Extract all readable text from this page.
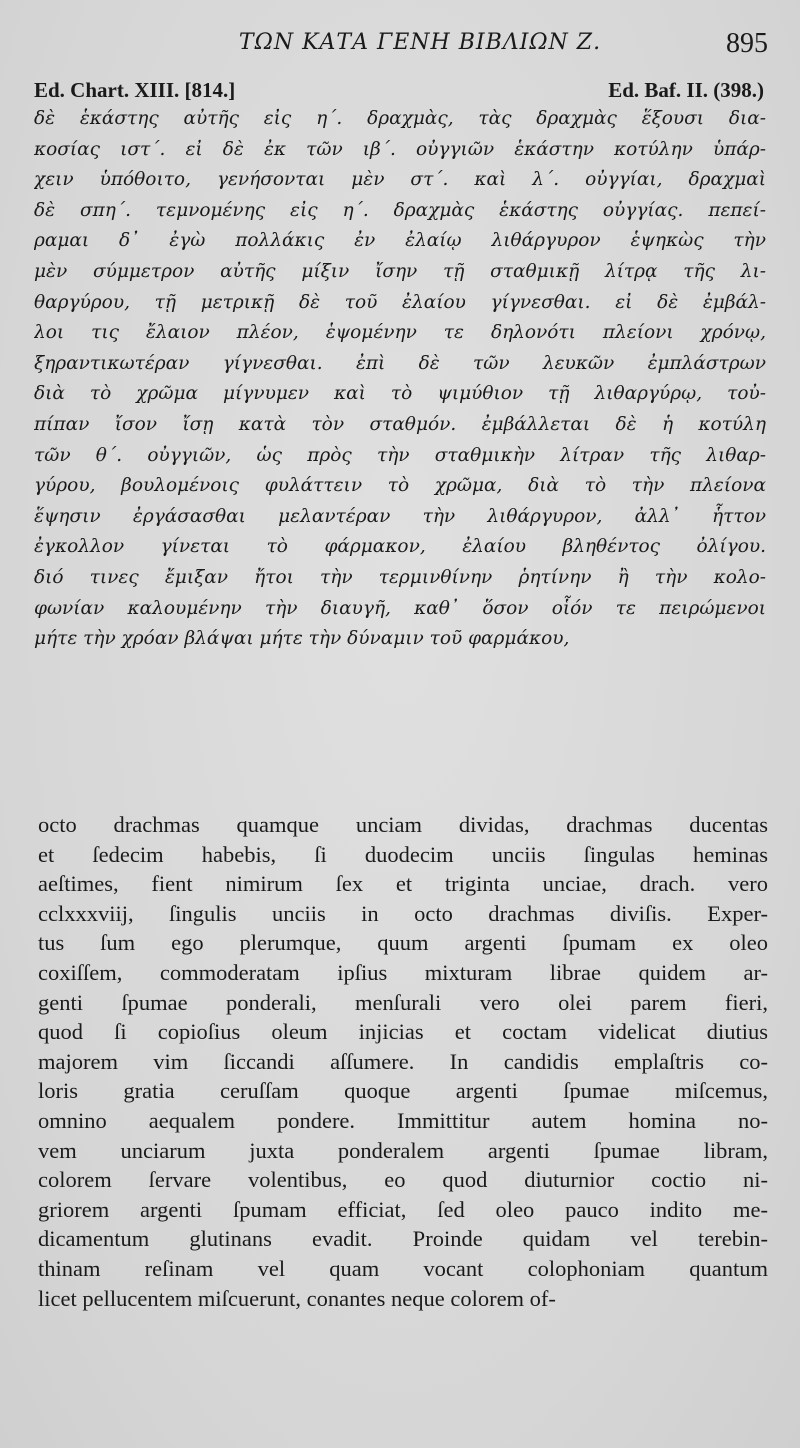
ΤΩΝ ΚΑΤΑ ΓΕΝΗ ΒΙΒΛΙΩΝ Ζ.	895
Ed. Chart. XIII. [814.]	Ed. Baf. II. (398.)
δὲ ἑκάστης αὐτῆς εἰς η΄. δραχμὰς, τὰς δραχμὰς ἕξουσι δια-
κοσίας ιστ΄. εἰ δὲ ἐκ τῶν ιβ΄. οὐγγιῶν ἑκάστην κοτύλην ὑπάρ-
χειν ὑπόθοιτο, γενήσονται μὲν στ΄. καὶ λ΄. οὐγγίαι, δραχμαὶ
δὲ σπη΄. τεμνομένης εἰς η΄. δραχμὰς ἑκάστης οὐγγίας. πεπεί-
ραμαι δ᾽ ἐγὼ πολλάκις ἐν ἐλαίῳ λιθάργυρον ἑψηκὼς τὴν
μὲν σύμμετρον αὐτῆς μίξιν ἴσην τῇ σταθμικῇ λίτρᾳ τῆς λι-
θαργύρου, τῇ μετρικῇ δὲ τοῦ ἐλαίου γίγνεσθαι. εἰ δὲ ἐμβάλ-
λοι τις ἔλαιον πλέον, ἑψομένην τε δηλονότι πλείονι χρόνῳ,
ξηραντικωτέραν γίγνεσθαι. ἐπὶ δὲ τῶν λευκῶν ἐμπλάστρων
διὰ τὸ χρῶμα μίγνυμεν καὶ τὸ ψιμύθιον τῇ λιθαργύρῳ, τοὐ-
πίπαν ἴσον ἴσῃ κατὰ τὸν σταθμόν. ἐμβάλλεται δὲ ἡ κοτύλη
τῶν θ΄. οὐγγιῶν, ὡς πρὸς τὴν σταθμικὴν λίτραν τῆς λιθαρ-
γύρου, βουλομένοις φυλάττειν τὸ χρῶμα, διὰ τὸ τὴν πλείονα
ἕψησιν ἐργάσασθαι μελαντέραν τὴν λιθάργυρον, ἀλλ᾽ ἧττον
ἐγκολλον γίνεται τὸ φάρμακον, ἐλαίου βληθέντος ὀλίγου.
διό τινες ἔμιξαν ἤτοι τὴν τερμινθίνην ῥητίνην ἢ τὴν κολο-
φωνίαν καλουμένην τὴν διαυγῆ, καθ᾽ ὅσον οἷόν τε πειρώμενοι
μήτε τὴν χρόαν βλάψαι μήτε τὴν δύναμιν τοῦ φαρμάκου,
octo drachmas quamque unciam dividas, drachmas ducentas
et ſedecim habebis, ſi duodecim unciis ſingulas heminas
aeſtimes, fient nimirum ſex et triginta unciae, drach. vero
cclxxxviij, ſingulis unciis in octo drachmas diviſis. Exper-
tus ſum ego plerumque, quum argenti ſpumam ex oleo
coxiſſem, commoderatam ipſius mixturam librae quidem ar-
genti ſpumae ponderali, menſurali vero olei parem fieri,
quod ſi copioſius oleum injicias et coctam videlicat diutius
majorem vim ſiccandi aſſumere. In candidis emplaſtris co-
loris gratia ceruſſam quoque argenti ſpumae miſcemus,
omnino aequalem pondere. Immittitur autem homina no-
vem unciarum juxta ponderalem argenti ſpumae libram,
colorem ſervare volentibus, eo quod diuturnior coctio ni-
griorem argenti ſpumam efficiat, ſed oleo pauco indito me-
dicamentum glutinans evadit. Proinde quidam vel terebin-
thinam reſinam vel quam vocant colophoniam quantum
licet pellucentem miſcuerunt, conantes neque colorem of-
